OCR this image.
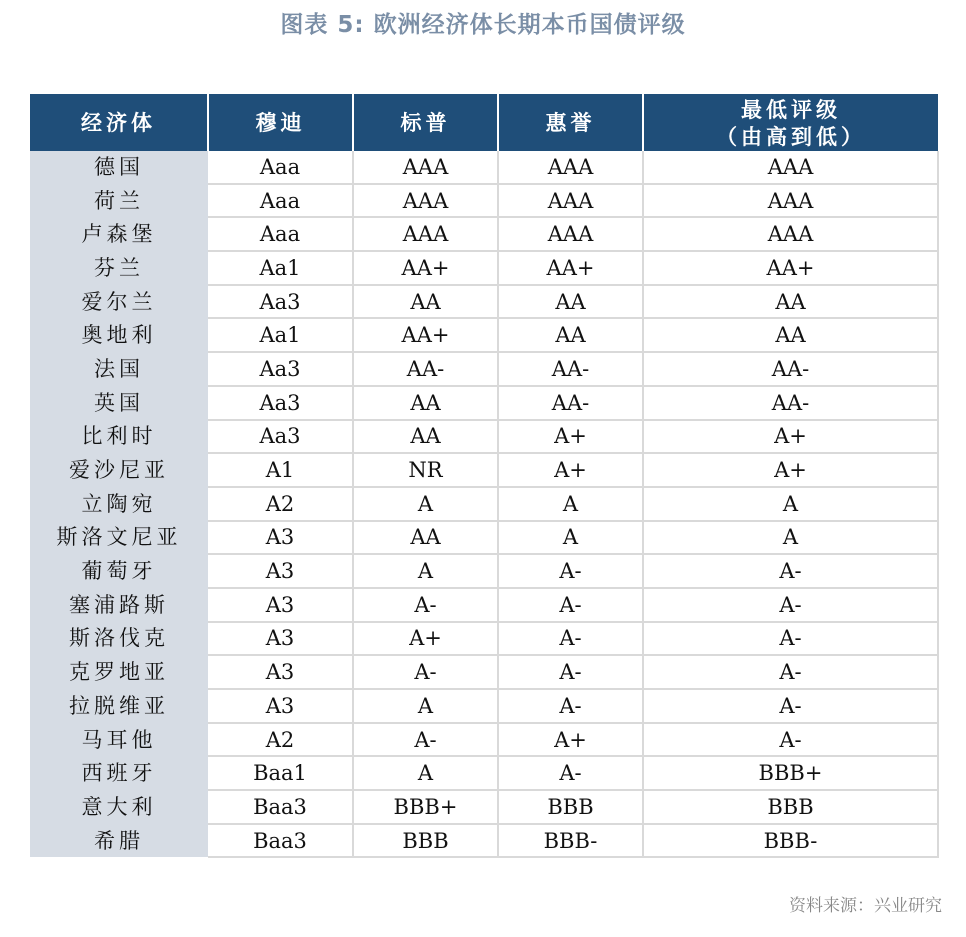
图表 5: 欧洲经济体长期本币国债评级
经济体	穆迪	标普	惠誉	最低评级
（由高到低）

德国	Aaa	AAA	AAA	AAA
荷兰	Aaa	AAA	AAA	AAA
卢森堡	Aaa	AAA	AAA	AAA
芬兰	Aa1	AA+	AA+	AA+
爱尔兰	Aa3	AA	AA	AA
奥地利	Aa1	AA+	AA	AA
法国	Aa3	AA-	AA-	AA-
英国	Aa3	AA	AA-	AA-
比利时	Aa3	AA	A+	A+
爱沙尼亚	A1	NR	A+	A+
立陶宛	A2	A	A	A
斯洛文尼亚	A3	AA	A	A
葡萄牙	A3	A	A-	A-
塞浦路斯	A3	A-	A-	A-
斯洛伐克	A3	A+	A-	A-
克罗地亚	A3	A-	A-	A-
拉脱维亚	A3	A	A-	A-
马耳他	A2	A-	A+	A-
西班牙	Baa1	A	A-	BBB+
意大利	Baa3	BBB+	BBB	BBB
希腊	Baa3	BBB	BBB-	BBB-
资料来源：兴业研究
